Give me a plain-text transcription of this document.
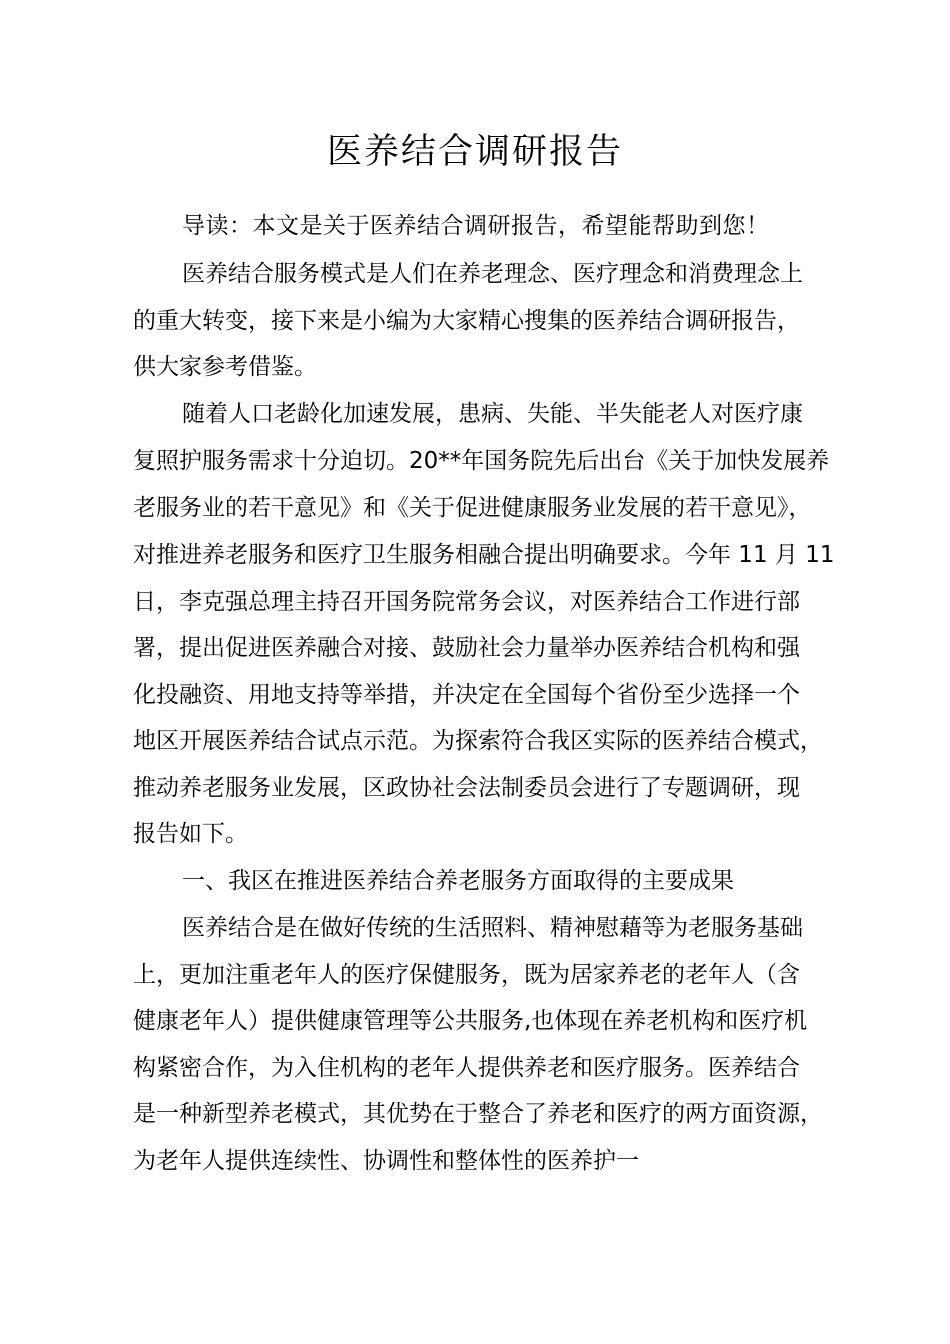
医养结合调研报告

导读：本文是关于医养结合调研报告，希望能帮助到您！

医养结合服务模式是人们在养老理念、医疗理念和消费理念上

的重大转变，接下来是小编为大家精心搜集的医养结合调研报告，

供大家参考借鉴。

随着人口老龄化加速发展，患病、失能、半失能老人对医疗康

复照护服务需求十分迫切。20**年国务院先后出台《关于加快发展养

老服务业的若干意见》和《关于促进健康服务业发展的若干意见》，

对推进养老服务和医疗卫生服务相融合提出明确要求。今年 11 月 11

日，李克强总理主持召开国务院常务会议，对医养结合工作进行部

署，提出促进医养融合对接、鼓励社会力量举办医养结合机构和强

化投融资、用地支持等举措，并决定在全国每个省份至少选择一个

地区开展医养结合试点示范。为探索符合我区实际的医养结合模式，

推动养老服务业发展，区政协社会法制委员会进行了专题调研，现

报告如下。

一、我区在推进医养结合养老服务方面取得的主要成果

医养结合是在做好传统的生活照料、精神慰藉等为老服务基础

上，更加注重老年人的医疗保健服务，既为居家养老的老年人（含

健康老年人）提供健康管理等公共服务,也体现在养老机构和医疗机

构紧密合作，为入住机构的老年人提供养老和医疗服务。医养结合

是一种新型养老模式，其优势在于整合了养老和医疗的两方面资源，

为老年人提供连续性、协调性和整体性的医养护一
